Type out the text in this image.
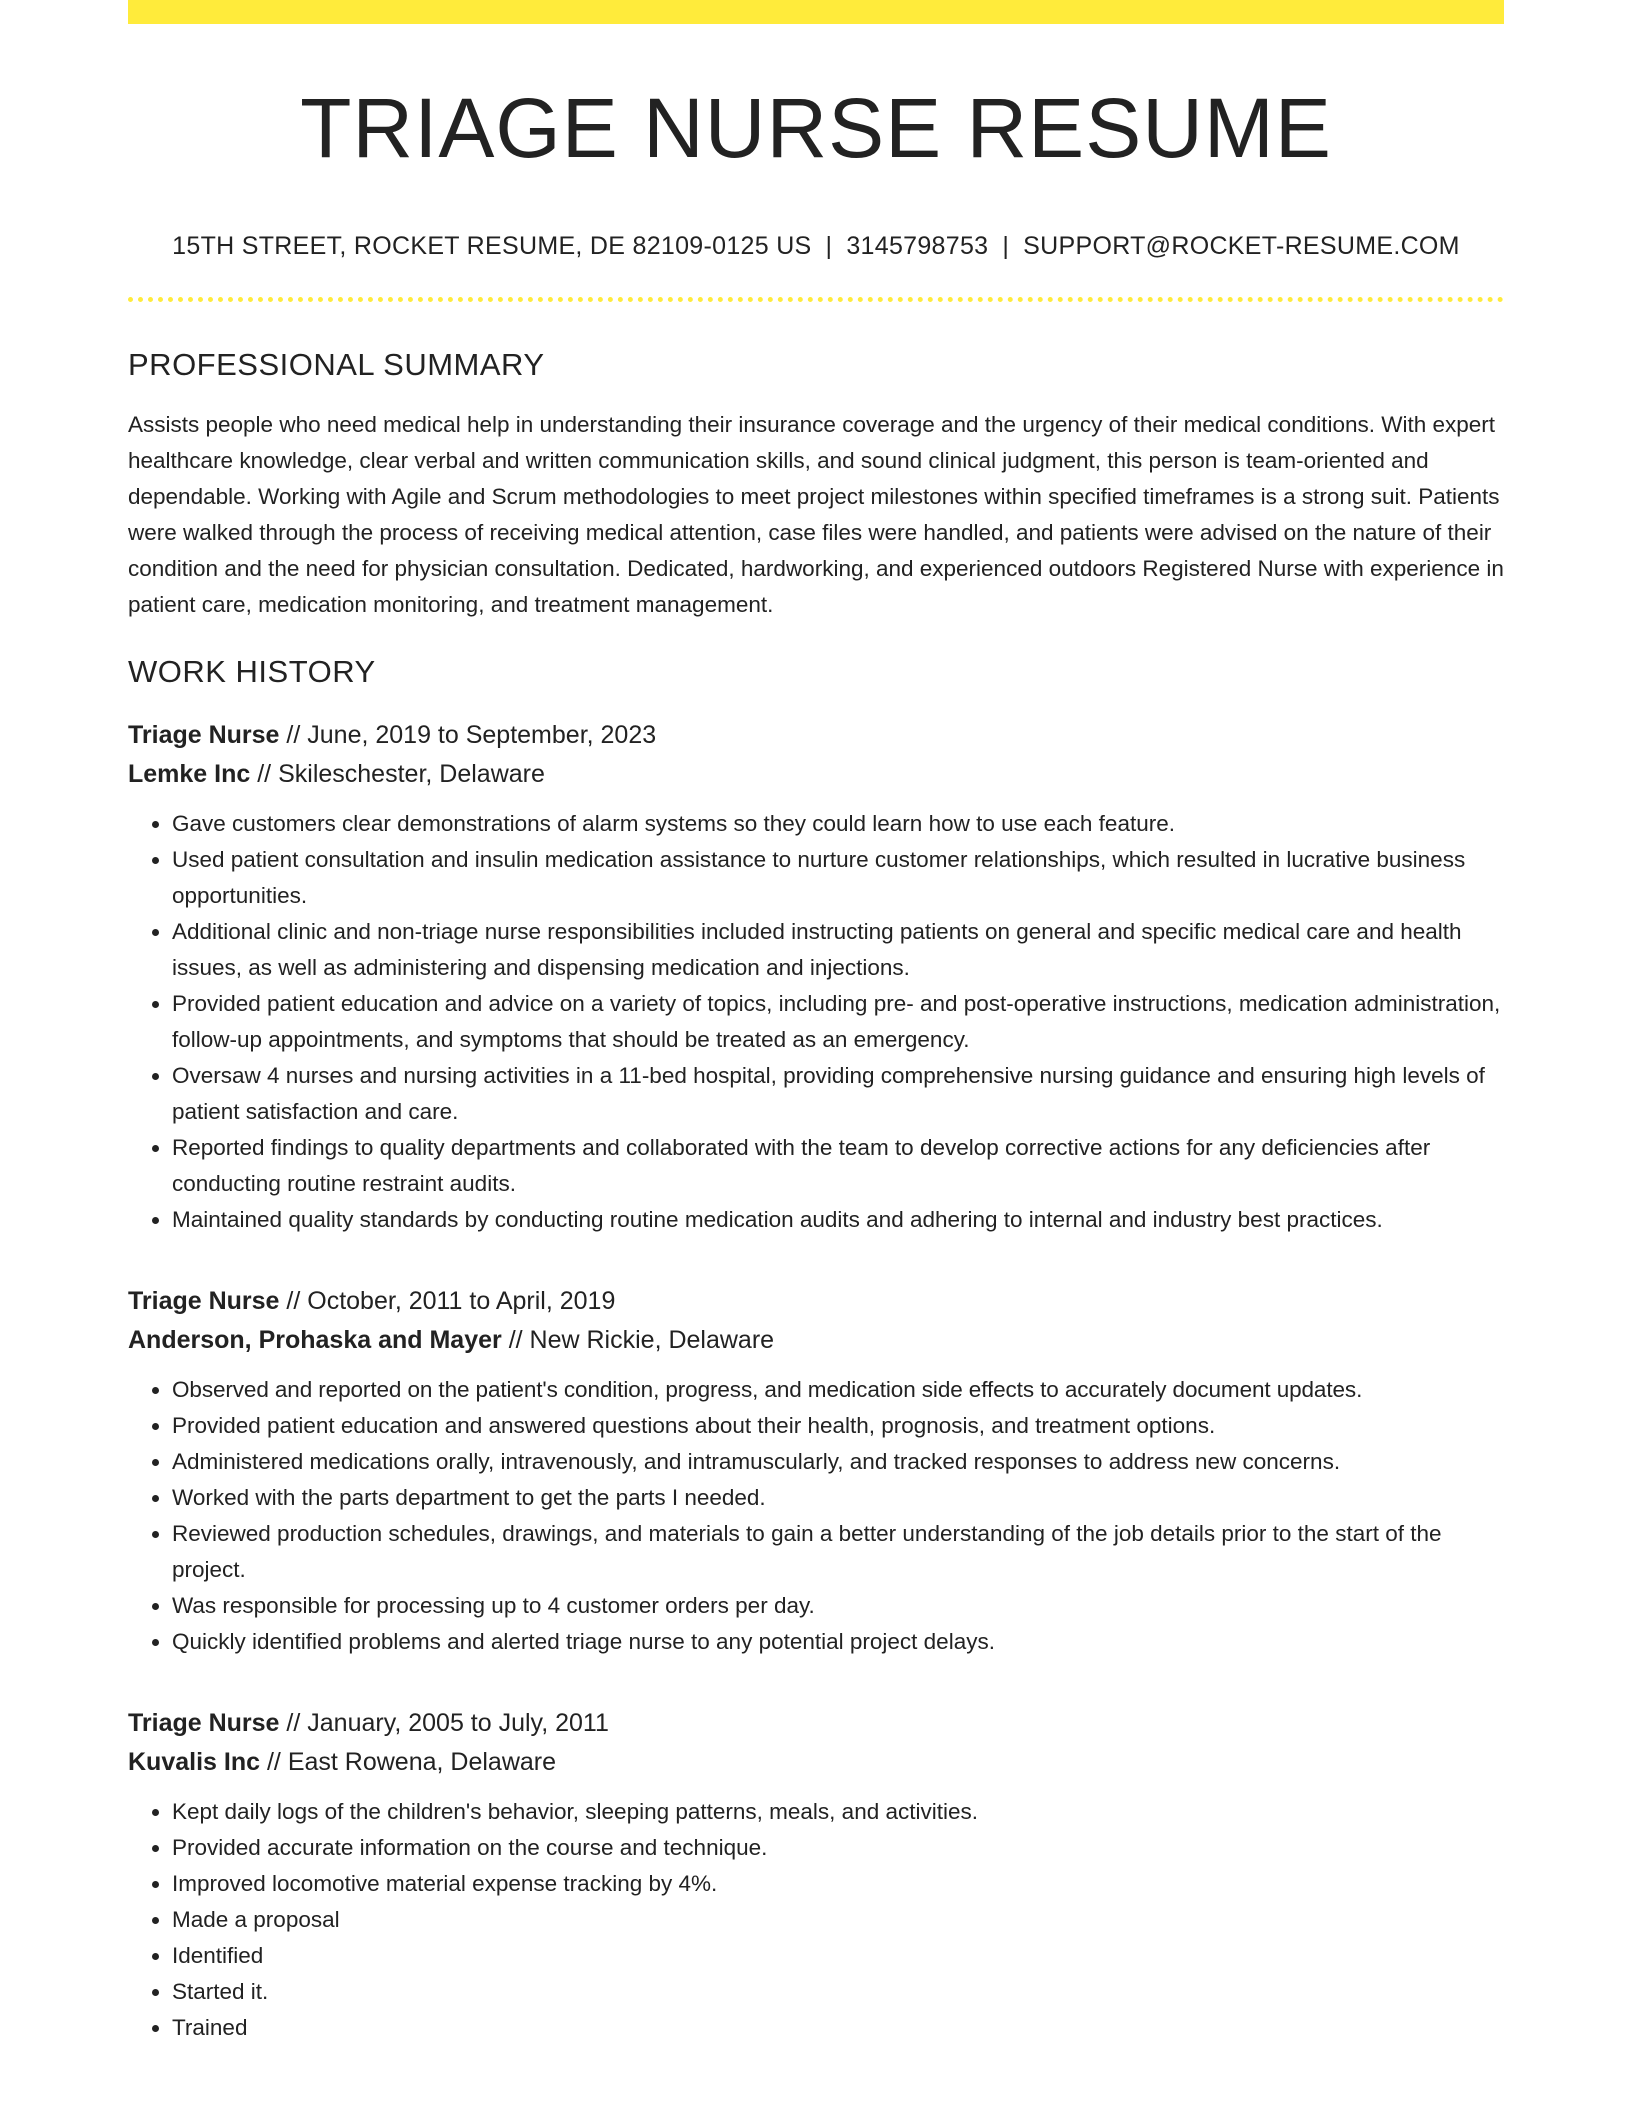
TRIAGE NURSE RESUME
15TH STREET, ROCKET RESUME, DE 82109-0125 US | 3145798753 | SUPPORT@ROCKET-RESUME.COM
PROFESSIONAL SUMMARY
Assists people who need medical help in understanding their insurance coverage and the urgency of their medical conditions. With expert healthcare knowledge, clear verbal and written communication skills, and sound clinical judgment, this person is team-oriented and dependable. Working with Agile and Scrum methodologies to meet project milestones within specified timeframes is a strong suit. Patients were walked through the process of receiving medical attention, case files were handled, and patients were advised on the nature of their condition and the need for physician consultation. Dedicated, hardworking, and experienced outdoors Registered Nurse with experience in patient care, medication monitoring, and treatment management.
WORK HISTORY
Triage Nurse // June, 2019 to September, 2023
Lemke Inc // Skileschester, Delaware
• Gave customers clear demonstrations of alarm systems so they could learn how to use each feature.
• Used patient consultation and insulin medication assistance to nurture customer relationships, which resulted in lucrative business opportunities.
• Additional clinic and non-triage nurse responsibilities included instructing patients on general and specific medical care and health issues, as well as administering and dispensing medication and injections.
• Provided patient education and advice on a variety of topics, including pre- and post-operative instructions, medication administration, follow-up appointments, and symptoms that should be treated as an emergency.
• Oversaw 4 nurses and nursing activities in a 11-bed hospital, providing comprehensive nursing guidance and ensuring high levels of patient satisfaction and care.
• Reported findings to quality departments and collaborated with the team to develop corrective actions for any deficiencies after conducting routine restraint audits.
• Maintained quality standards by conducting routine medication audits and adhering to internal and industry best practices.
Triage Nurse // October, 2011 to April, 2019
Anderson, Prohaska and Mayer // New Rickie, Delaware
• Observed and reported on the patient's condition, progress, and medication side effects to accurately document updates.
• Provided patient education and answered questions about their health, prognosis, and treatment options.
• Administered medications orally, intravenously, and intramuscularly, and tracked responses to address new concerns.
• Worked with the parts department to get the parts I needed.
• Reviewed production schedules, drawings, and materials to gain a better understanding of the job details prior to the start of the project.
• Was responsible for processing up to 4 customer orders per day.
• Quickly identified problems and alerted triage nurse to any potential project delays.
Triage Nurse // January, 2005 to July, 2011
Kuvalis Inc // East Rowena, Delaware
• Kept daily logs of the children's behavior, sleeping patterns, meals, and activities.
• Provided accurate information on the course and technique.
• Improved locomotive material expense tracking by 4%.
• Made a proposal
• Identified
• Started it.
• Trained
